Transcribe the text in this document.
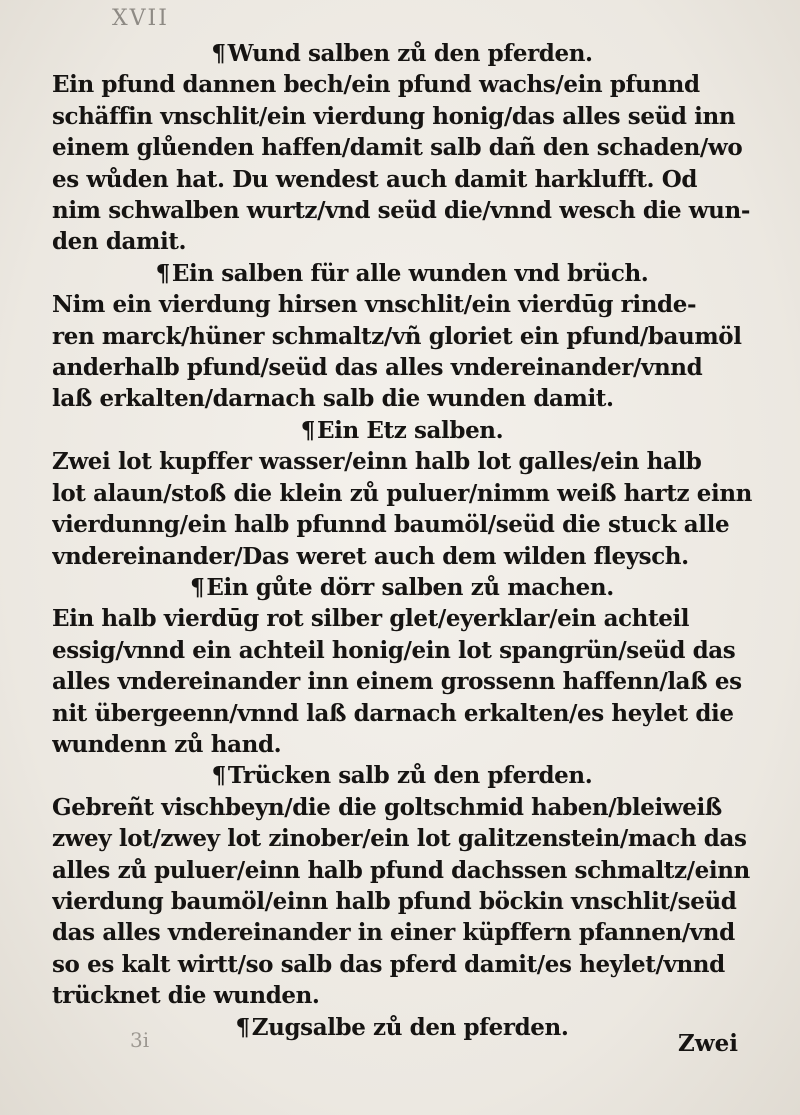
XVII
¶Wund salben zů den pferden.
Ein pfund dannen bech/ein pfund wachs/ein pfunnd
schäffin vnschlit/ein vierdung honig/das alles seüd inn
einem glůenden haffen/damit salb dañ den schaden/wo
es wůden hat. Du wendest auch damit harklufft. Od
nim schwalben wurtz/vnd seüd die/vnnd wesch die wun-
den damit.
¶Ein salben für alle wunden vnd brüch.
Nim ein vierdung hirsen vnschlit/ein vierdūg rinde-
ren marck/hüner schmaltz/vñ gloriet ein pfund/baumöl
anderhalb pfund/seüd das alles vndereinander/vnnd
laß erkalten/darnach salb die wunden damit.
¶Ein Etz salben.
Zwei lot kupffer wasser/einn halb lot galles/ein halb
lot alaun/stoß die klein zů puluer/nimm weiß hartz einn
vierdunng/ein halb pfunnd baumöl/seüd die stuck alle
vndereinander/Das weret auch dem wilden fleysch.
¶Ein gůte dörr salben zů machen.
Ein halb vierdūg rot silber glet/eyerklar/ein achteil
essig/vnnd ein achteil honig/ein lot spangrün/seüd das
alles vndereinander inn einem grossenn haffenn/laß es
nit übergeenn/vnnd laß darnach erkalten/es heylet die
wundenn zů hand.
¶Trücken salb zů den pferden.
Gebreñt vischbeyn/die die goltschmid haben/bleiweiß
zwey lot/zwey lot zinober/ein lot galitzenstein/mach das
alles zů puluer/einn halb pfund dachssen schmaltz/einn
vierdung baumöl/einn halb pfund böckin vnschlit/seüd
das alles vndereinander in einer küpffern pfannen/vnd
so es kalt wirtt/so salb das pferd damit/es heylet/vnnd
trücknet die wunden.
¶Zugsalbe zů den pferden.
3i	Zwei
